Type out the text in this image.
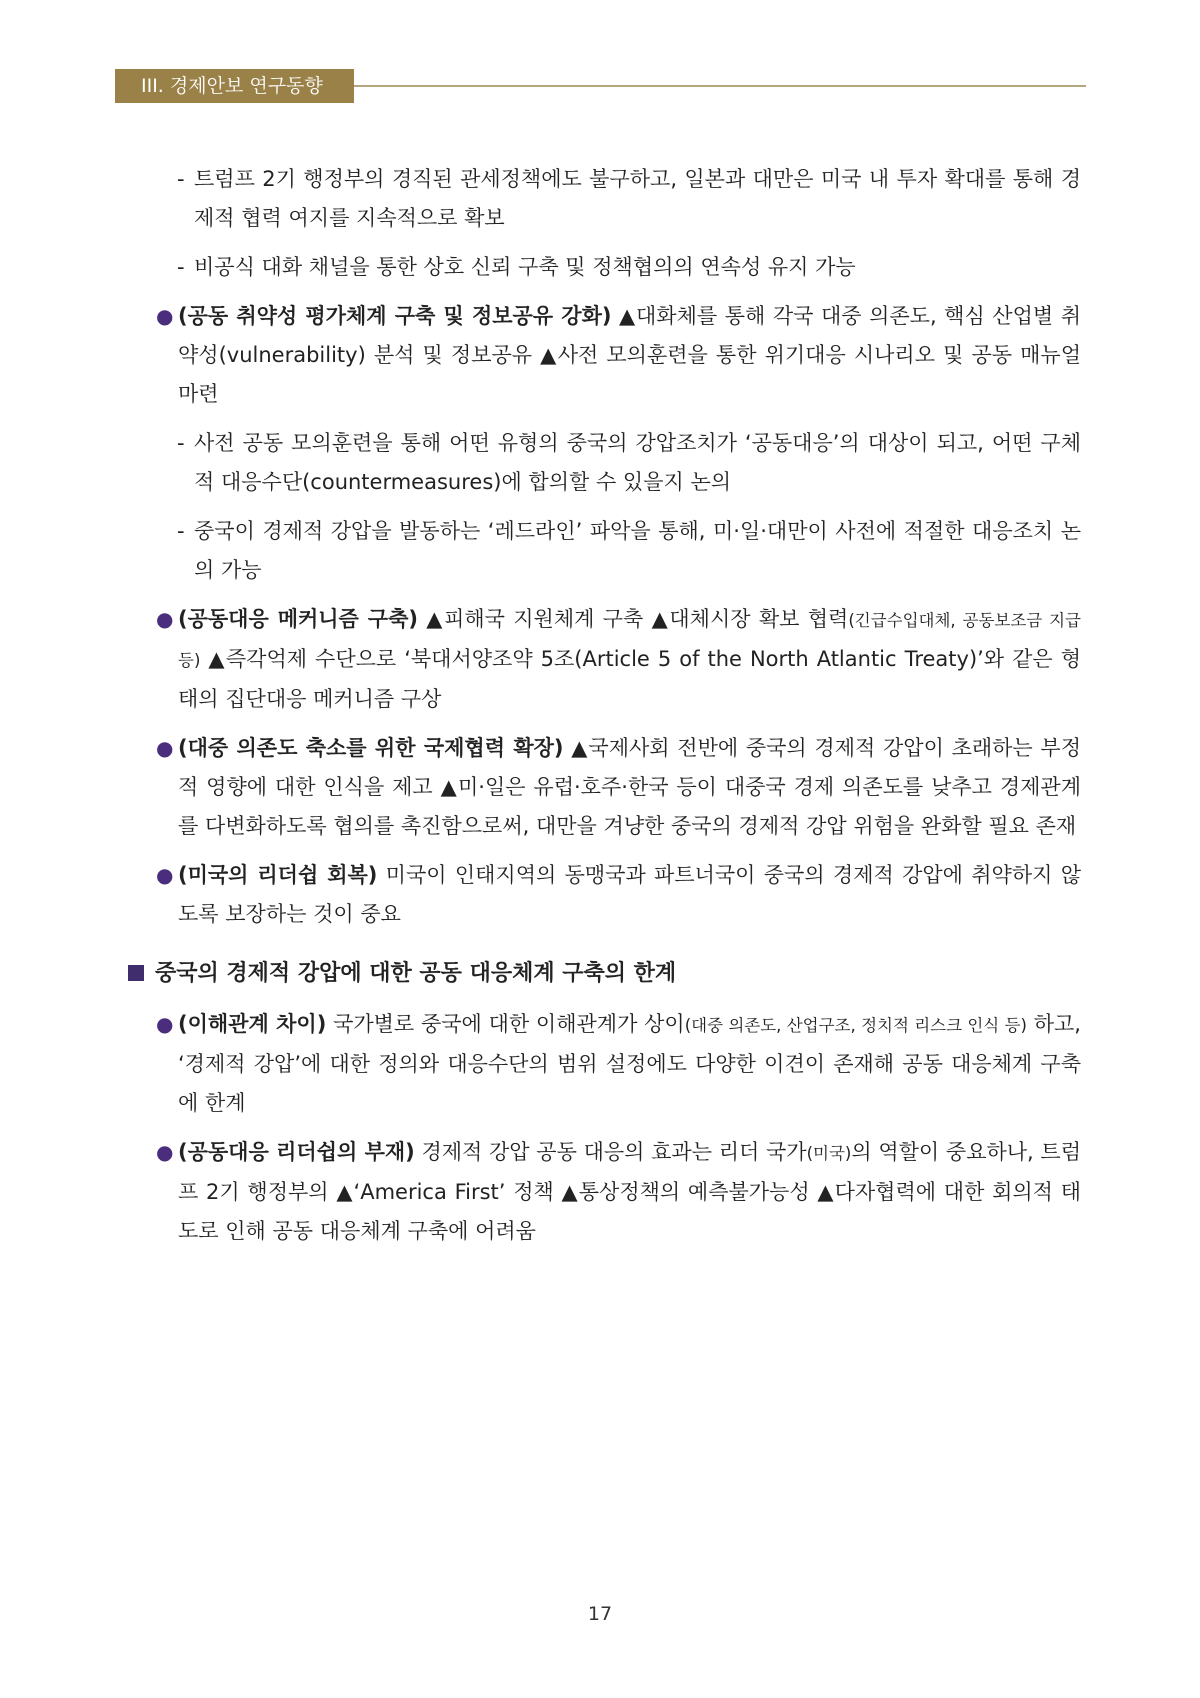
III. 경제안보 연구동향
- 트럼프 2기 행정부의 경직된 관세정책에도 불구하고, 일본과 대만은 미국 내 투자 확대를 통해 경제적 협력 여지를 지속적으로 확보
- 비공식 대화 채널을 통한 상호 신뢰 구축 및 정책협의의 연속성 유지 가능
● (공동 취약성 평가체계 구축 및 정보공유 강화) ▲대화체를 통해 각국 대중 의존도, 핵심 산업별 취약성(vulnerability) 분석 및 정보공유 ▲사전 모의훈련을 통한 위기대응 시나리오 및 공동 매뉴얼 마련
- 사전 공동 모의훈련을 통해 어떤 유형의 중국의 강압조치가 ‘공동대응’의 대상이 되고, 어떤 구체적 대응수단(countermeasures)에 합의할 수 있을지 논의
- 중국이 경제적 강압을 발동하는 ‘레드라인’ 파악을 통해, 미·일·대만이 사전에 적절한 대응조치 논의 가능
● (공동대응 메커니즘 구축) ▲피해국 지원체계 구축 ▲대체시장 확보 협력(긴급수입대체, 공동보조금 지급 등) ▲즉각억제 수단으로 ‘북대서양조약 5조(Article 5 of the North Atlantic Treaty)’와 같은 형태의 집단대응 메커니즘 구상
● (대중 의존도 축소를 위한 국제협력 확장) ▲국제사회 전반에 중국의 경제적 강압이 초래하는 부정적 영향에 대한 인식을 제고 ▲미·일은 유럽·호주·한국 등이 대중국 경제 의존도를 낮추고 경제관계를 다변화하도록 협의를 촉진함으로써, 대만을 겨냥한 중국의 경제적 강압 위험을 완화할 필요 존재
● (미국의 리더쉽 회복) 미국이 인태지역의 동맹국과 파트너국이 중국의 경제적 강압에 취약하지 않도록 보장하는 것이 중요
중국의 경제적 강압에 대한 공동 대응체계 구축의 한계
● (이해관계 차이) 국가별로 중국에 대한 이해관계가 상이(대중 의존도, 산업구조, 정치적 리스크 인식 등) 하고, ‘경제적 강압’에 대한 정의와 대응수단의 범위 설정에도 다양한 이견이 존재해 공동 대응체계 구축에 한계
● (공동대응 리더쉽의 부재) 경제적 강압 공동 대응의 효과는 리더 국가(미국)의 역할이 중요하나, 트럼프 2기 행정부의 ▲‘America First’ 정책 ▲통상정책의 예측불가능성 ▲다자협력에 대한 회의적 태도로 인해 공동 대응체계 구축에 어려움
17
